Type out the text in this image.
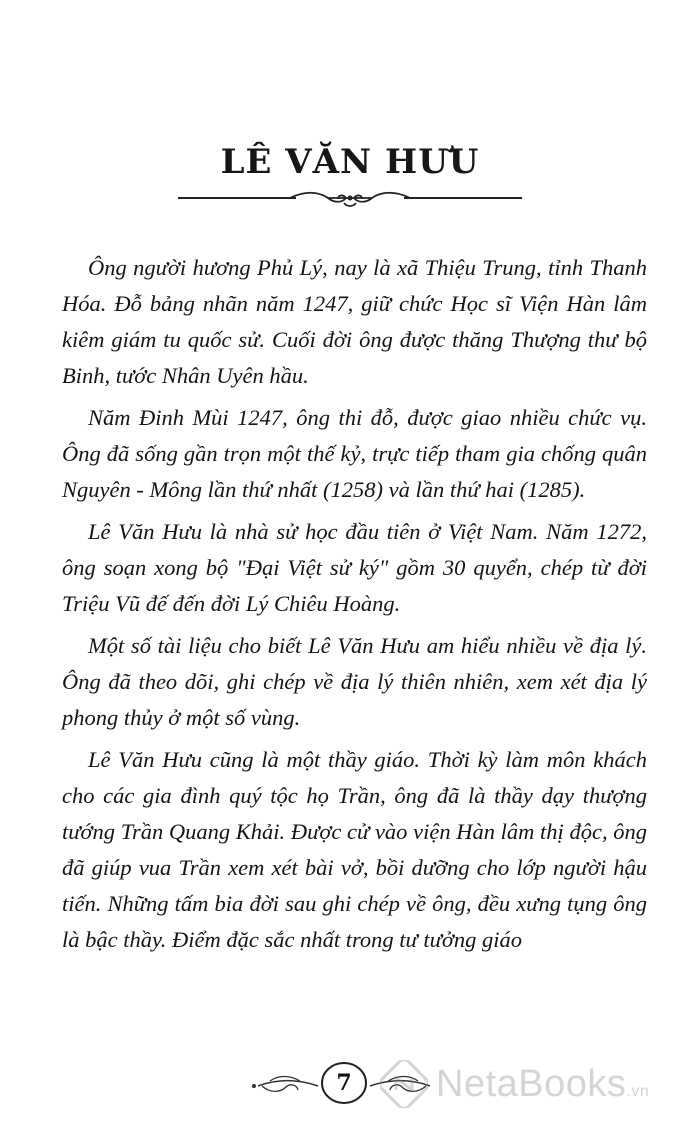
LÊ VĂN HƯU

Ông người hương Phủ Lý, nay là xã Thiệu Trung, tỉnh Thanh Hóa. Đỗ bảng nhãn năm 1247, giữ chức Học sĩ Viện Hàn lâm kiêm giám tu quốc sử. Cuối đời ông được thăng Thượng thư bộ Binh, tước Nhân Uyên hầu.

Năm Đinh Mùi 1247, ông thi đỗ, được giao nhiều chức vụ. Ông đã sống gần trọn một thế kỷ, trực tiếp tham gia chống quân Nguyên - Mông lần thứ nhất (1258) và lần thứ hai (1285).

Lê Văn Hưu là nhà sử học đầu tiên ở Việt Nam. Năm 1272, ông soạn xong bộ "Đại Việt sử ký" gồm 30 quyển, chép từ đời Triệu Vũ đế đến đời Lý Chiêu Hoàng.

Một số tài liệu cho biết Lê Văn Hưu am hiểu nhiều về địa lý. Ông đã theo dõi, ghi chép về địa lý thiên nhiên, xem xét địa lý phong thủy ở một số vùng.

Lê Văn Hưu cũng là một thầy giáo. Thời kỳ làm môn khách cho các gia đình quý tộc họ Trần, ông đã là thầy dạy thượng tướng Trần Quang Khải. Được cử vào viện Hàn lâm thị độc, ông đã giúp vua Trần xem xét bài vở, bồi dưỡng cho lớp người hậu tiến. Những tấm bia đời sau ghi chép về ông, đều xưng tụng ông là bậc thầy. Điểm đặc sắc nhất trong tư tưởng giáo

7	NetaBooks.vn
